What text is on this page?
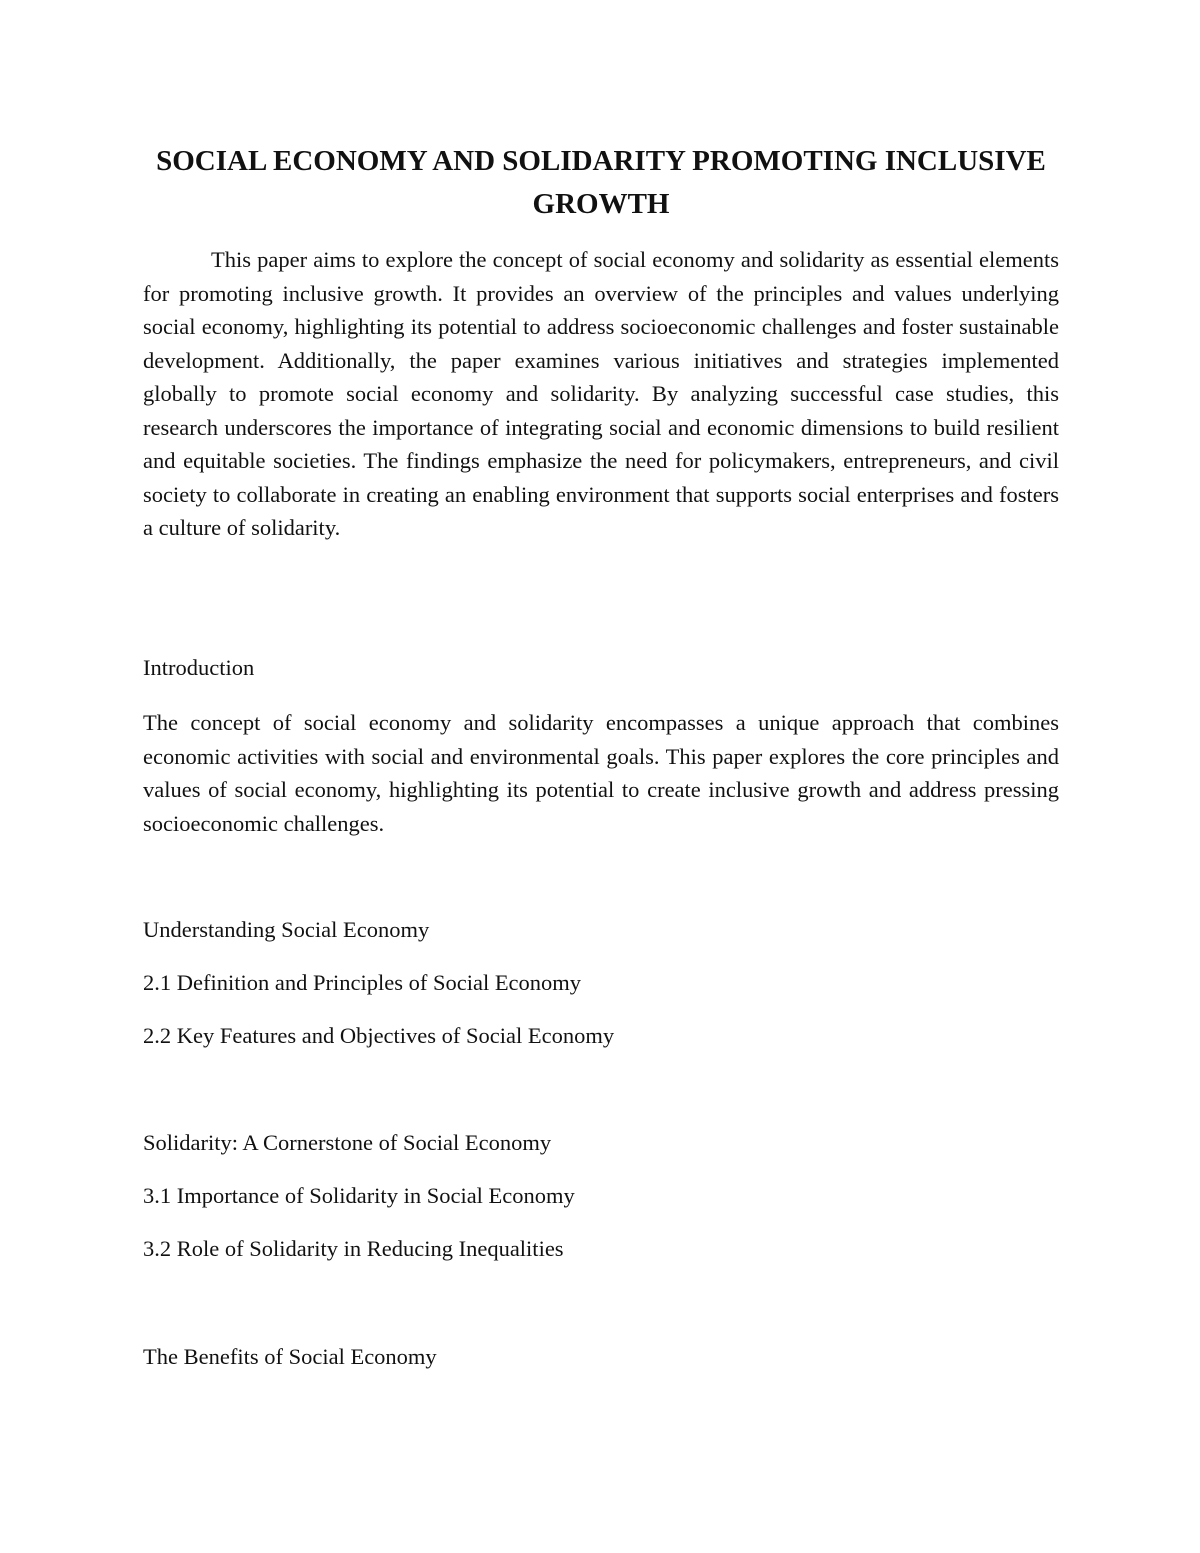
SOCIAL ECONOMY AND SOLIDARITY PROMOTING INCLUSIVE GROWTH

This paper aims to explore the concept of social economy and solidarity as essential elements for promoting inclusive growth. It provides an overview of the principles and values underlying social economy, highlighting its potential to address socioeconomic challenges and foster sustainable development. Additionally, the paper examines various initiatives and strategies implemented globally to promote social economy and solidarity. By analyzing successful case studies, this research underscores the importance of integrating social and economic dimensions to build resilient and equitable societies. The findings emphasize the need for policymakers, entrepreneurs, and civil society to collaborate in creating an enabling environment that supports social enterprises and fosters a culture of solidarity.

Introduction

The concept of social economy and solidarity encompasses a unique approach that combines economic activities with social and environmental goals. This paper explores the core principles and values of social economy, highlighting its potential to create inclusive growth and address pressing socioeconomic challenges.

Understanding Social Economy

2.1 Definition and Principles of Social Economy

2.2 Key Features and Objectives of Social Economy

Solidarity: A Cornerstone of Social Economy

3.1 Importance of Solidarity in Social Economy

3.2 Role of Solidarity in Reducing Inequalities

The Benefits of Social Economy
